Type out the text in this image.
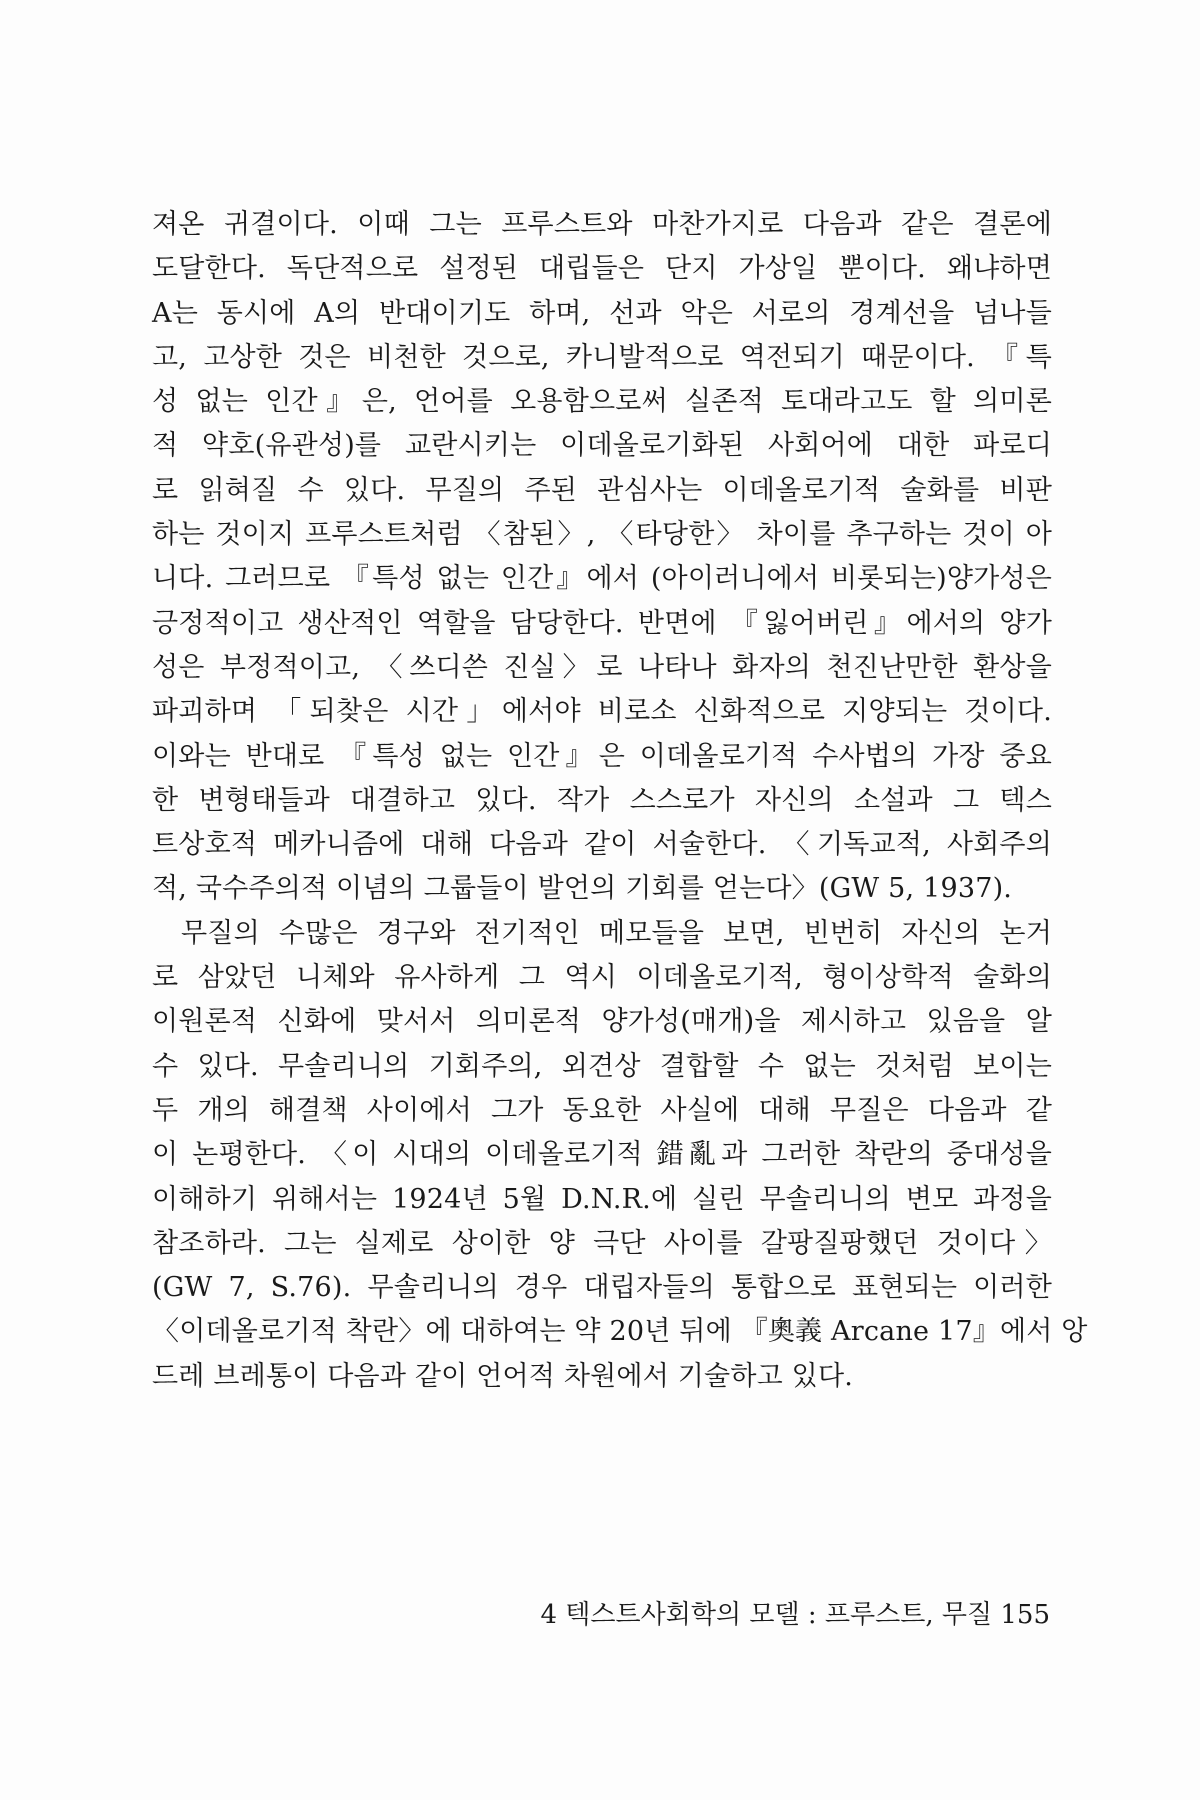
져온 귀결이다. 이때 그는 프루스트와 마찬가지로 다음과 같은 결론에
도달한다. 독단적으로 설정된 대립들은 단지 가상일 뿐이다. 왜냐하면
A는 동시에 A의 반대이기도 하며, 선과 악은 서로의 경계선을 넘나들
고, 고상한 것은 비천한 것으로, 카니발적으로 역전되기 때문이다. 『특
성 없는 인간』은, 언어를 오용함으로써 실존적 토대라고도 할 의미론
적 약호(유관성)를 교란시키는 이데올로기화된 사회어에 대한 파로디
로 읽혀질 수 있다. 무질의 주된 관심사는 이데올로기적 술화를 비판
하는 것이지 프루스트처럼 〈참된〉, 〈타당한〉 차이를 추구하는 것이 아
니다. 그러므로 『특성 없는 인간』에서 (아이러니에서 비롯되는)양가성은
긍정적이고 생산적인 역할을 담당한다. 반면에 『잃어버린』에서의 양가
성은 부정적이고, 〈쓰디쓴 진실〉로 나타나 화자의 천진난만한 환상을
파괴하며 「되찾은 시간」에서야 비로소 신화적으로 지양되는 것이다.
이와는 반대로 『특성 없는 인간』은 이데올로기적 수사법의 가장 중요
한 변형태들과 대결하고 있다. 작가 스스로가 자신의 소설과 그 텍스
트상호적 메카니즘에 대해 다음과 같이 서술한다. 〈기독교적, 사회주의
적, 국수주의적 이념의 그룹들이 발언의 기회를 얻는다〉(GW 5, 1937).
무질의 수많은 경구와 전기적인 메모들을 보면, 빈번히 자신의 논거
로 삼았던 니체와 유사하게 그 역시 이데올로기적, 형이상학적 술화의
이원론적 신화에 맞서서 의미론적 양가성(매개)을 제시하고 있음을 알
수 있다. 무솔리니의 기회주의, 외견상 결합할 수 없는 것처럼 보이는
두 개의 해결책 사이에서 그가 동요한 사실에 대해 무질은 다음과 같
이 논평한다. 〈이 시대의 이데올로기적 錯亂과 그러한 착란의 중대성을
이해하기 위해서는 1924년 5월 D.N.R.에 실린 무솔리니의 변모 과정을
참조하라. 그는 실제로 상이한 양 극단 사이를 갈팡질팡했던 것이다〉
(GW 7, S.76). 무솔리니의 경우 대립자들의 통합으로 표현되는 이러한
〈이데올로기적 착란〉에 대하여는 약 20년 뒤에 『奧義 Arcane 17』에서 앙
드레 브레통이 다음과 같이 언어적 차원에서 기술하고 있다.
4 텍스트사회학의 모델 : 프루스트, 무질 155
